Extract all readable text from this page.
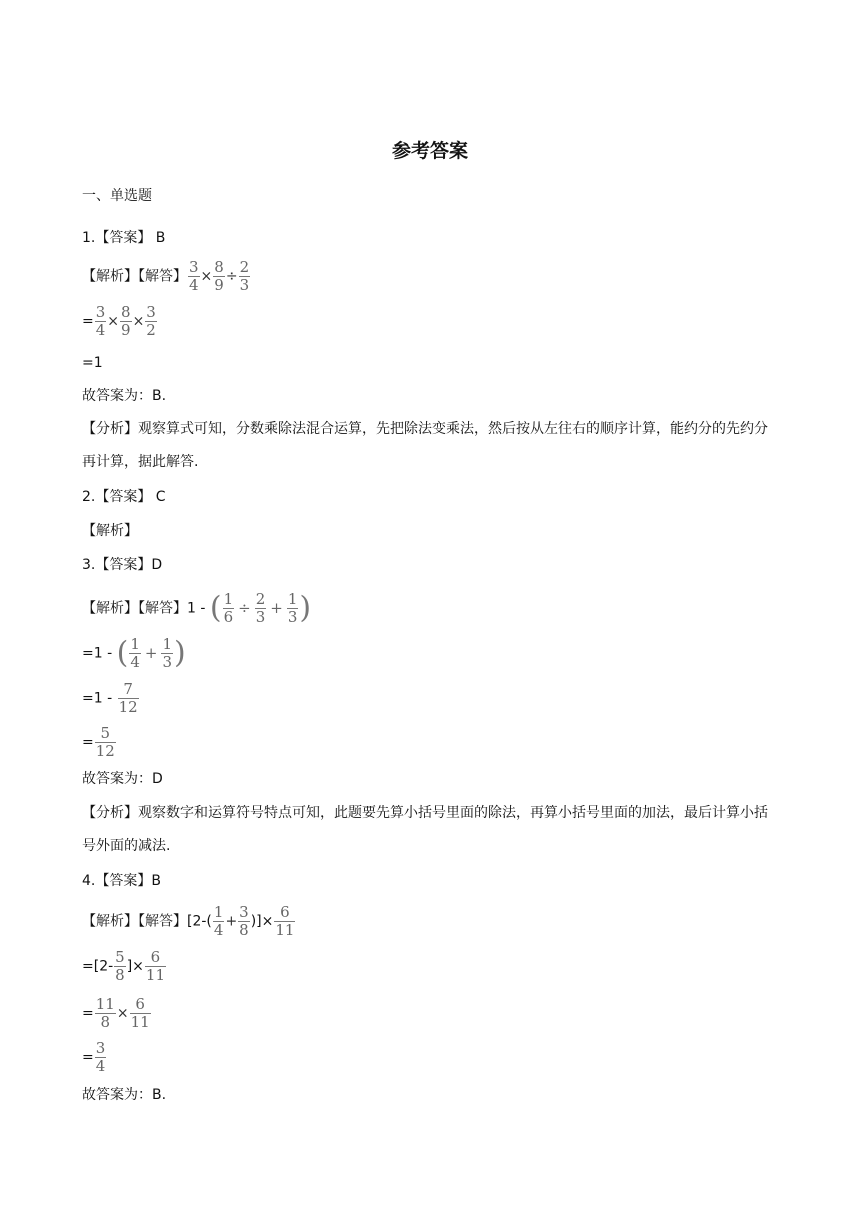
参考答案
一、单选题
1.【答案】 B
【解析】【解答】 $\frac{3}{4} \times \frac{8}{9} \div \frac{2}{3}$
= $\frac{3}{4} \times \frac{8}{9} \times \frac{3}{2}$
=1
故答案为：B.
【分析】观察算式可知，分数乘除法混合运算，先把除法变乘法，然后按从左往右的顺序计算，能约分的先约分再计算，据此解答.
2.【答案】 C
【解析】
3.【答案】D
【解析】【解答】1 - ( $\frac{1}{6} \div \frac{2}{3} + \frac{1}{3}$ )
=1 - ( $\frac{1}{4} + \frac{1}{3}$ )
$=1 - \frac{7}{12}$
= $\frac{5}{12}$
故答案为：D
【分析】观察数字和运算符号特点可知，此题要先算小括号里面的除法，再算小括号里面的加法，最后计算小括号外面的减法.
4.【答案】B
【解析】【解答】[$2-( \frac{1}{4} + \frac{3}{8}$ )]× $\frac{6}{11}$
$=[2- \frac{5}{8}$ ]× $\frac{6}{11}$
= $\frac{11}{8} \times \frac{6}{11}$
= $\frac{3}{4}$
故答案为：B.
